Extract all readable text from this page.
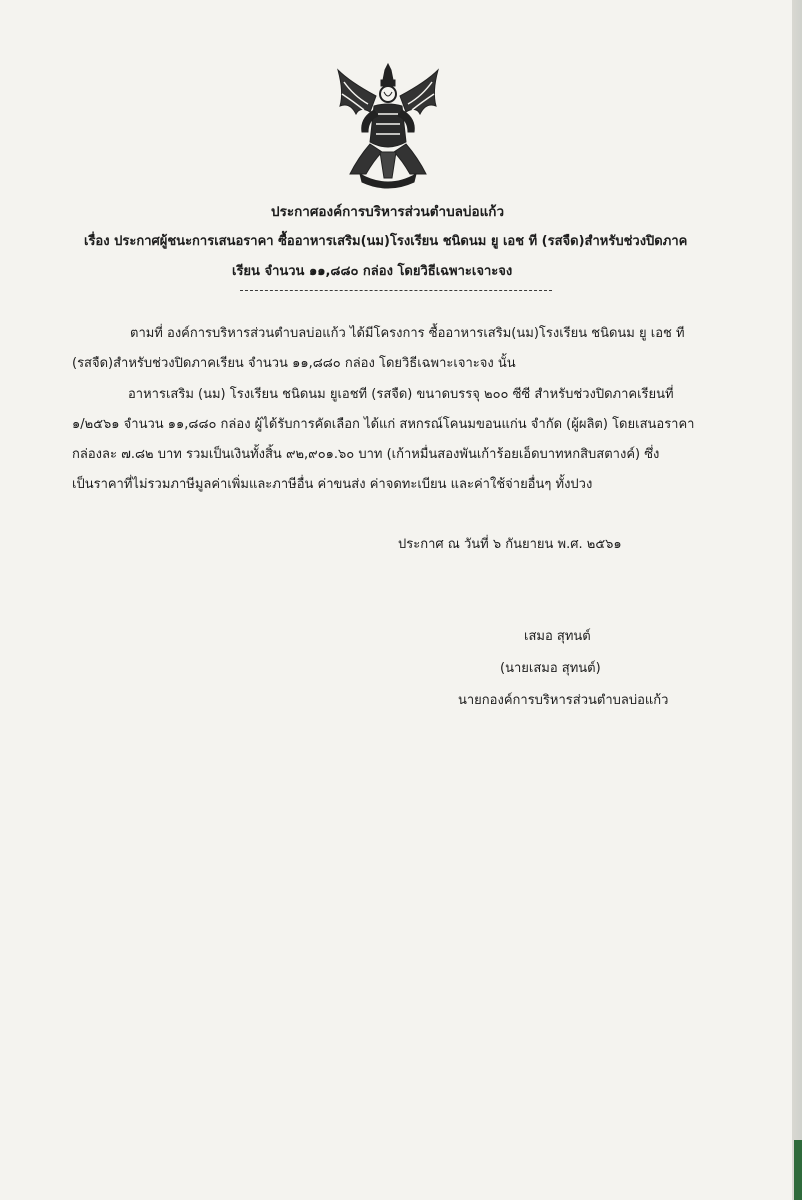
ประกาศองค์การบริหารส่วนตำบลบ่อแก้ว
เรื่อง ประกาศผู้ชนะการเสนอราคา ซื้ออาหารเสริม(นม)โรงเรียน ชนิดนม ยู เอช ที (รสจืด)สำหรับช่วงปิดภาค
เรียน จำนวน ๑๑,๘๘๐ กล่อง โดยวิธีเฉพาะเจาะจง
ตามที่ องค์การบริหารส่วนตำบลบ่อแก้ว ได้มีโครงการ ซื้ออาหารเสริม(นม)โรงเรียน ชนิดนม ยู เอช ที
(รสจืด)สำหรับช่วงปิดภาคเรียน จำนวน ๑๑,๘๘๐ กล่อง โดยวิธีเฉพาะเจาะจง นั้น
อาหารเสริม (นม) โรงเรียน ชนิดนม ยูเอชที (รสจืด) ขนาดบรรจุ ๒๐๐ ซีซี สำหรับช่วงปิดภาคเรียนที่
๑/๒๕๖๑ จำนวน ๑๑,๘๘๐ กล่อง ผู้ได้รับการคัดเลือก ได้แก่ สหกรณ์โคนมขอนแก่น จำกัด (ผู้ผลิต) โดยเสนอราคา
กล่องละ ๗.๘๒ บาท รวมเป็นเงินทั้งสิ้น ๙๒,๙๐๑.๖๐ บาท (เก้าหมื่นสองพันเก้าร้อยเอ็ดบาทหกสิบสตางค์) ซึ่ง
เป็นราคาที่ไม่รวมภาษีมูลค่าเพิ่มและภาษีอื่น ค่าขนส่ง ค่าจดทะเบียน และค่าใช้จ่ายอื่นๆ ทั้งปวง
ประกาศ ณ วันที่ ๖ กันยายน พ.ศ. ๒๕๖๑
เสมอ สุทนต์
(นายเสมอ สุทนต์)
นายกองค์การบริหารส่วนตำบลบ่อแก้ว
